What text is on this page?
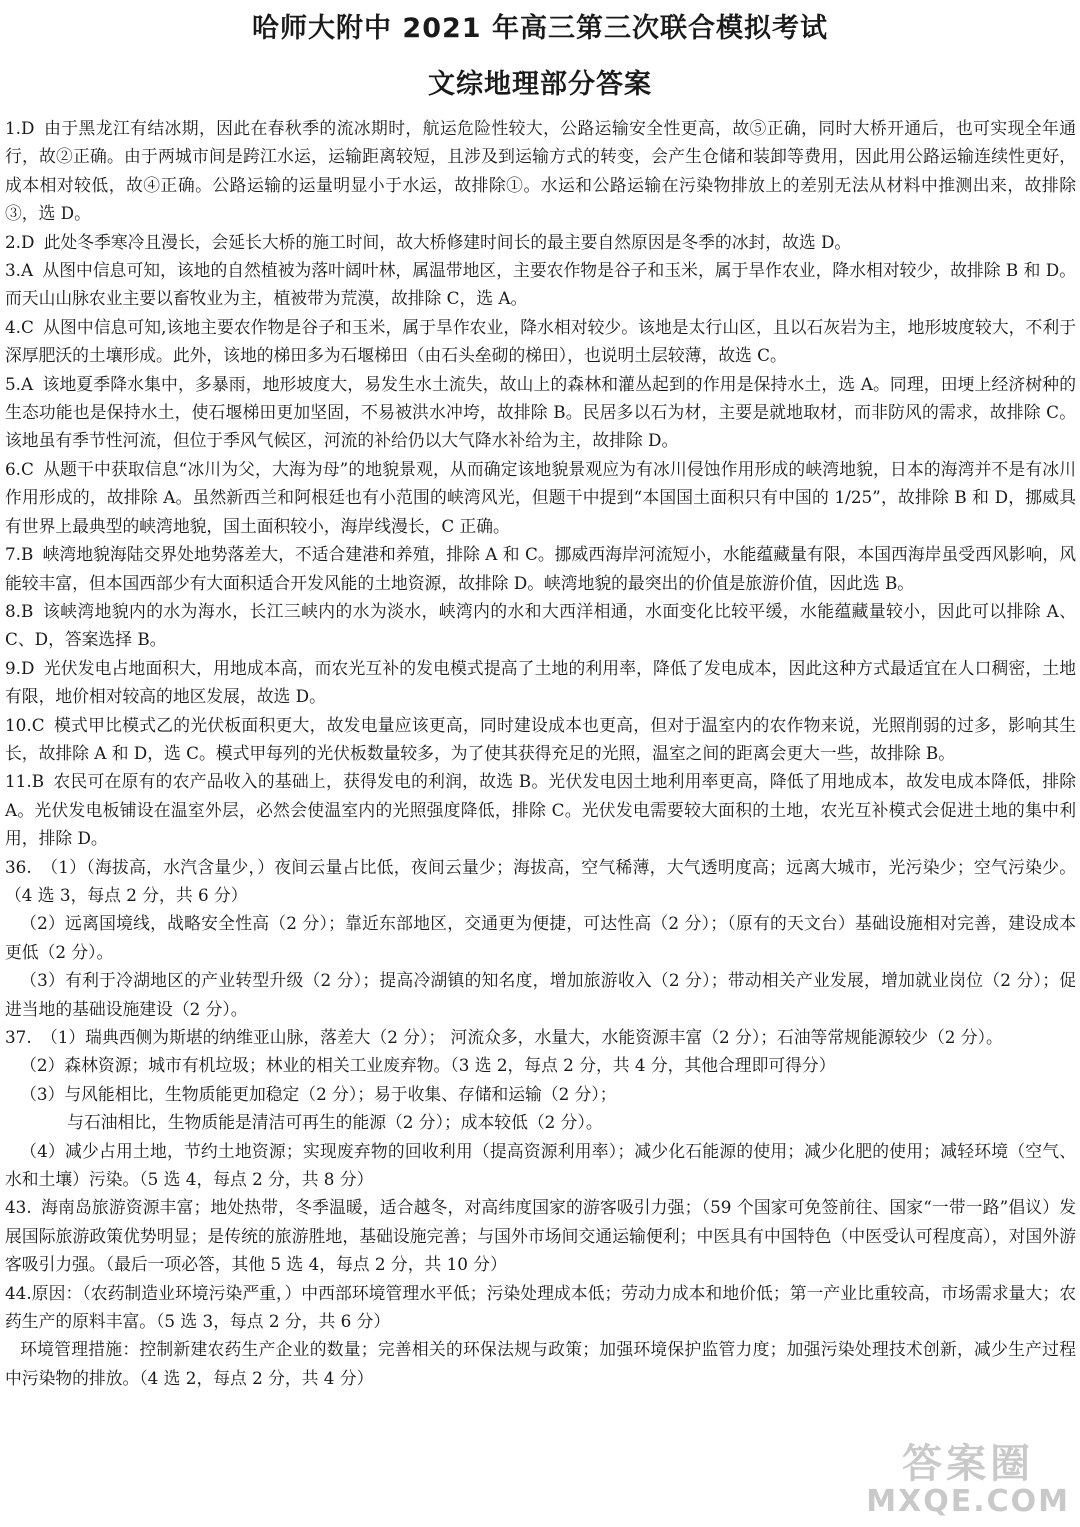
哈师大附中 2021 年高三第三次联合模拟考试
文综地理部分答案

1.D 由于黑龙江有结冰期，因此在春秋季的流冰期时，航运危险性较大，公路运输安全性更高，故⑤正确，同时大桥开通后，也可实现全年通行，故②正确。由于两城市间是跨江水运，运输距离较短，且涉及到运输方式的转变，会产生仓储和装卸等费用，因此用公路运输连续性更好，成本相对较低，故④正确。公路运输的运量明显小于水运，故排除①。水运和公路运输在污染物排放上的差别无法从材料中推测出来，故排除③，选 D。

2.D 此处冬季寒冷且漫长，会延长大桥的施工时间，故大桥修建时间长的最主要自然原因是冬季的冰封，故选 D。

3.A 从图中信息可知，该地的自然植被为落叶阔叶林，属温带地区，主要农作物是谷子和玉米，属于旱作农业，降水相对较少，故排除 B 和 D。而天山山脉农业主要以畜牧业为主，植被带为荒漠，故排除 C，选 A。

4.C 从图中信息可知,该地主要农作物是谷子和玉米，属于旱作农业，降水相对较少。该地是太行山区，且以石灰岩为主，地形坡度较大，不利于深厚肥沃的土壤形成。此外，该地的梯田多为石堰梯田（由石头垒砌的梯田），也说明土层较薄，故选 C。

5.A 该地夏季降水集中，多暴雨，地形坡度大，易发生水土流失，故山上的森林和灌丛起到的作用是保持水土，选 A。同理，田埂上经济树种的生态功能也是保持水土，使石堰梯田更加坚固，不易被洪水冲垮，故排除 B。民居多以石为材，主要是就地取材，而非防风的需求，故排除 C。该地虽有季节性河流，但位于季风气候区，河流的补给仍以大气降水补给为主，故排除 D。

6.C 从题干中获取信息“冰川为父，大海为母”的地貌景观，从而确定该地貌景观应为有冰川侵蚀作用形成的峡湾地貌，日本的海湾并不是有冰川作用形成的，故排除 A。虽然新西兰和阿根廷也有小范围的峡湾风光，但题干中提到“本国国土面积只有中国的 1/25”，故排除 B 和 D，挪威具有世界上最典型的峡湾地貌，国土面积较小，海岸线漫长，C 正确。

7.B 峡湾地貌海陆交界处地势落差大，不适合建港和养殖，排除 A 和 C。挪威西海岸河流短小，水能蕴藏量有限，本国西海岸虽受西风影响，风能较丰富，但本国西部少有大面积适合开发风能的土地资源，故排除 D。峡湾地貌的最突出的价值是旅游价值，因此选 B。

8.B 该峡湾地貌内的水为海水，长江三峡内的水为淡水，峡湾内的水和大西洋相通，水面变化比较平缓，水能蕴藏量较小，因此可以排除 A、C、D，答案选择 B。

9.D 光伏发电占地面积大，用地成本高，而农光互补的发电模式提高了土地的利用率，降低了发电成本，因此这种方式最适宜在人口稠密，土地有限，地价相对较高的地区发展，故选 D。

10.C 模式甲比模式乙的光伏板面积更大，故发电量应该更高，同时建设成本也更高，但对于温室内的农作物来说，光照削弱的过多，影响其生长，故排除 A 和 D，选 C。模式甲每列的光伏板数量较多，为了使其获得充足的光照，温室之间的距离会更大一些，故排除 B。

11.B 农民可在原有的农产品收入的基础上，获得发电的利润，故选 B。光伏发电因土地利用率更高，降低了用地成本，故发电成本降低，排除 A。光伏发电板铺设在温室外层，必然会使温室内的光照强度降低，排除 C。光伏发电需要较大面积的土地，农光互补模式会促进土地的集中利用，排除 D。

36. （1）（海拔高，水汽含量少，）夜间云量占比低，夜间云量少；海拔高，空气稀薄，大气透明度高；远离大城市，光污染少；空气污染少。（4 选 3，每点 2 分，共 6 分）

（2）远离国境线，战略安全性高（2 分）；靠近东部地区，交通更为便捷，可达性高（2 分）；（原有的天文台）基础设施相对完善，建设成本更低（2 分）。

（3）有利于冷湖地区的产业转型升级（2 分）；提高冷湖镇的知名度，增加旅游收入（2 分）；带动相关产业发展，增加就业岗位（2 分）；促进当地的基础设施建设（2 分）。

37. （1）瑞典西侧为斯堪的纳维亚山脉，落差大（2 分）； 河流众多，水量大，水能资源丰富（2 分）；石油等常规能源较少（2 分）。

（2）森林资源；城市有机垃圾；林业的相关工业废弃物。（3 选 2，每点 2 分，共 4 分，其他合理即可得分）

（3）与风能相比，生物质能更加稳定（2 分）；易于收集、存储和运输（2 分）；

与石油相比，生物质能是清洁可再生的能源（2 分）；成本较低（2 分）。

（4）减少占用土地，节约土地资源；实现废弃物的回收利用（提高资源利用率）；减少化石能源的使用；减少化肥的使用；减轻环境（空气、水和土壤）污染。（5 选 4，每点 2 分，共 8 分）

43. 海南岛旅游资源丰富；地处热带，冬季温暖，适合越冬，对高纬度国家的游客吸引力强；（59 个国家可免签前往、国家“一带一路”倡议）发展国际旅游政策优势明显；是传统的旅游胜地，基础设施完善；与国外市场间交通运输便利；中医具有中国特色（中医受认可程度高），对国外游客吸引力强。（最后一项必答，其他 5 选 4，每点 2 分，共 10 分）

44.原因：（农药制造业环境污染严重，）中西部环境管理水平低；污染处理成本低；劳动力成本和地价低；第一产业比重较高，市场需求量大；农药生产的原料丰富。（5 选 3，每点 2 分，共 6 分）

环境管理措施：控制新建农药生产企业的数量；完善相关的环保法规与政策；加强环境保护监管力度；加强污染处理技术创新，减少生产过程中污染物的排放。（4 选 2，每点 2 分，共 4 分）

答案圈
MXQE.COM
